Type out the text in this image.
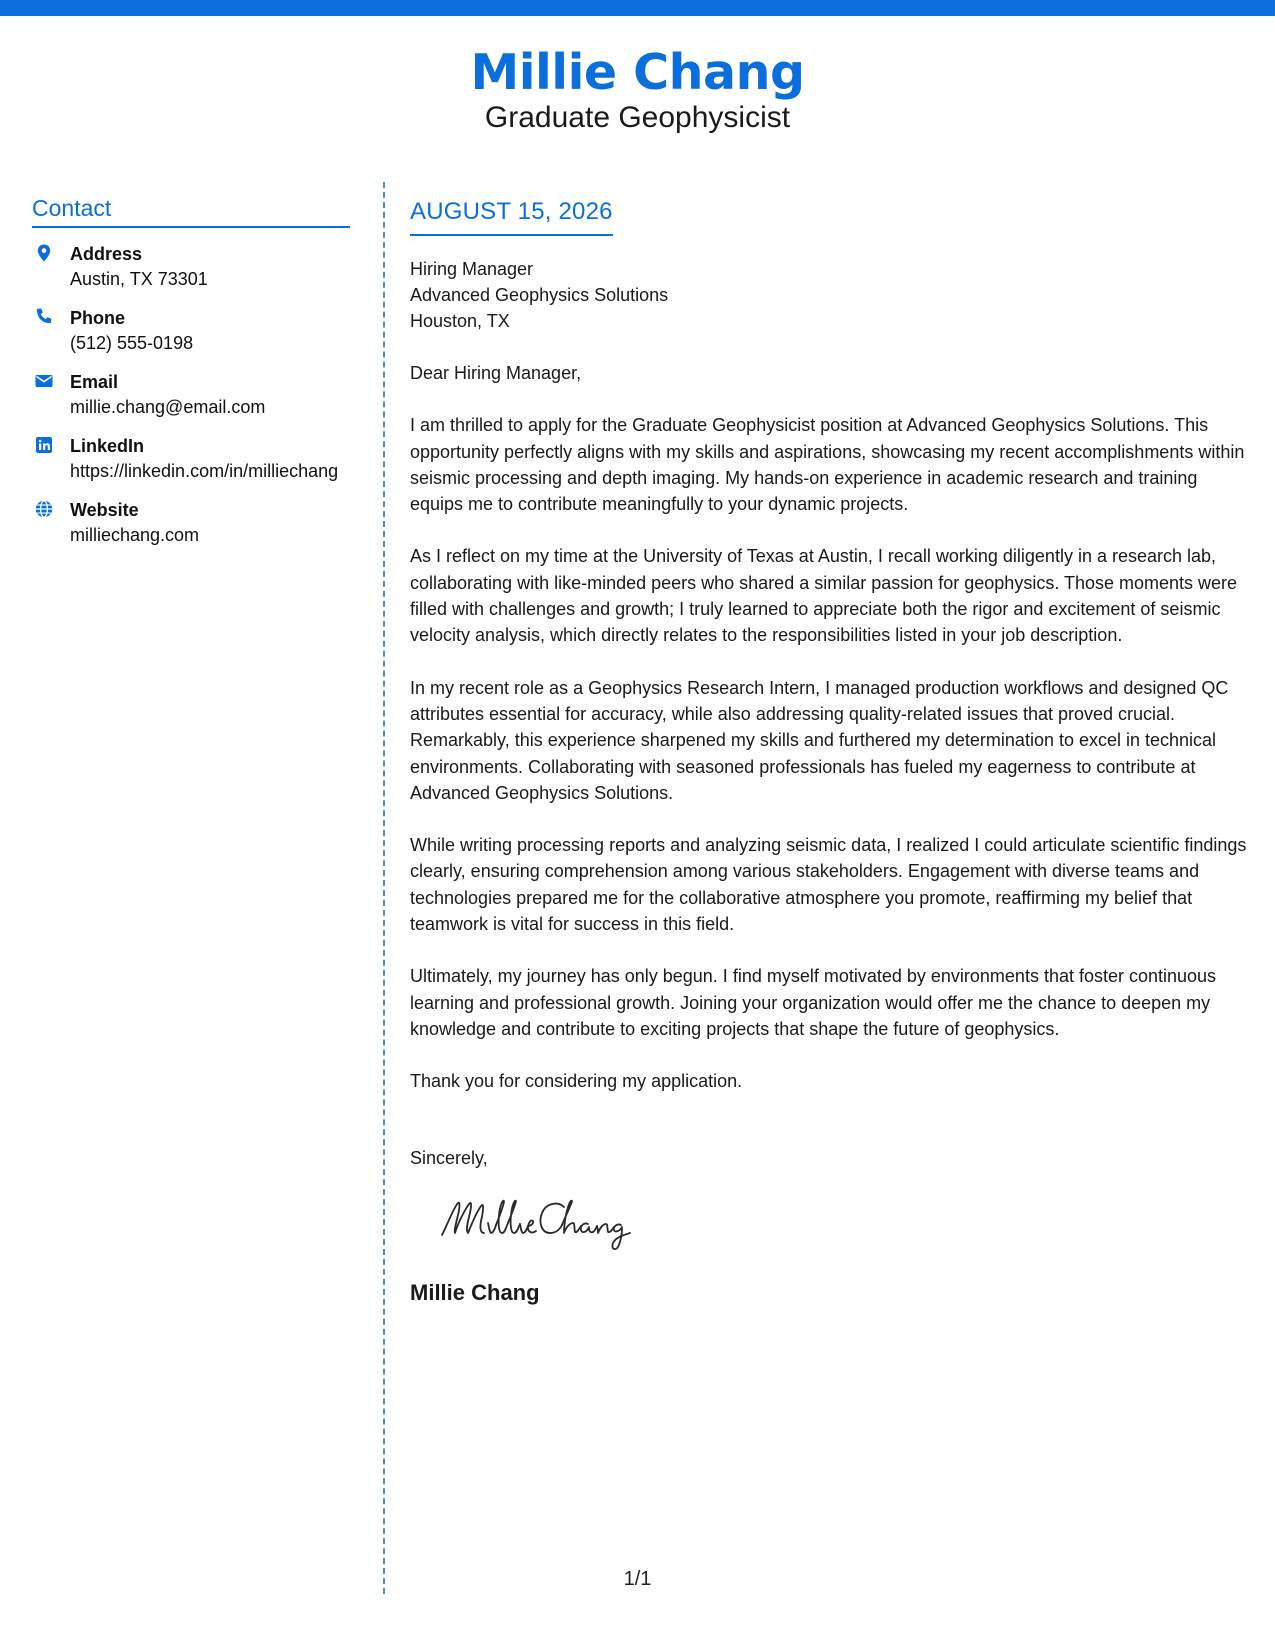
Millie Chang
Graduate Geophysicist
Contact
Address
Austin, TX 73301
Phone
(512) 555-0198
Email
millie.chang@email.com
LinkedIn
https://linkedin.com/in/milliechang
Website
milliechang.com
AUGUST 15, 2026
Hiring Manager
Advanced Geophysics Solutions
Houston, TX

Dear Hiring Manager,

I am thrilled to apply for the Graduate Geophysicist position at Advanced Geophysics Solutions. This opportunity perfectly aligns with my skills and aspirations, showcasing my recent accomplishments within seismic processing and depth imaging. My hands-on experience in academic research and training equips me to contribute meaningfully to your dynamic projects.

As I reflect on my time at the University of Texas at Austin, I recall working diligently in a research lab, collaborating with like-minded peers who shared a similar passion for geophysics. Those moments were filled with challenges and growth; I truly learned to appreciate both the rigor and excitement of seismic velocity analysis, which directly relates to the responsibilities listed in your job description.

In my recent role as a Geophysics Research Intern, I managed production workflows and designed QC attributes essential for accuracy, while also addressing quality-related issues that proved crucial. Remarkably, this experience sharpened my skills and furthered my determination to excel in technical environments. Collaborating with seasoned professionals has fueled my eagerness to contribute at Advanced Geophysics Solutions.

While writing processing reports and analyzing seismic data, I realized I could articulate scientific findings clearly, ensuring comprehension among various stakeholders. Engagement with diverse teams and technologies prepared me for the collaborative atmosphere you promote, reaffirming my belief that teamwork is vital for success in this field.

Ultimately, my journey has only begun. I find myself motivated by environments that foster continuous learning and professional growth. Joining your organization would offer me the chance to deepen my knowledge and contribute to exciting projects that shape the future of geophysics.

Thank you for considering my application.

Sincerely,

Millie Chang
1/1
